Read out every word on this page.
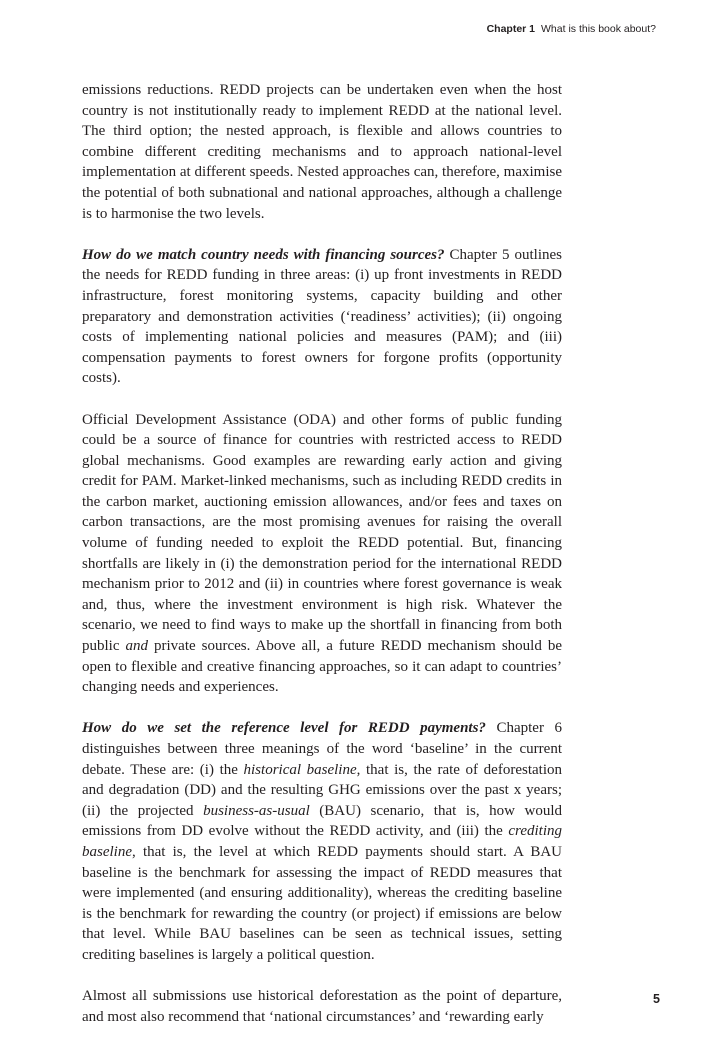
Chapter 1 What is this book about?

emissions reductions. REDD projects can be undertaken even when the host country is not institutionally ready to implement REDD at the national level. The third option; the nested approach, is flexible and allows countries to combine different crediting mechanisms and to approach national-level implementation at different speeds. Nested approaches can, therefore, maximise the potential of both subnational and national approaches, although a challenge is to harmonise the two levels.

How do we match country needs with financing sources? Chapter 5 outlines the needs for REDD funding in three areas: (i) up front investments in REDD infrastructure, forest monitoring systems, capacity building and other preparatory and demonstration activities (‘readiness’ activities); (ii) ongoing costs of implementing national policies and measures (PAM); and (iii) compensation payments to forest owners for forgone profits (opportunity costs).

Official Development Assistance (ODA) and other forms of public funding could be a source of finance for countries with restricted access to REDD global mechanisms. Good examples are rewarding early action and giving credit for PAM. Market-linked mechanisms, such as including REDD credits in the carbon market, auctioning emission allowances, and/or fees and taxes on carbon transactions, are the most promising avenues for raising the overall volume of funding needed to exploit the REDD potential. But, financing shortfalls are likely in (i) the demonstration period for the international REDD mechanism prior to 2012 and (ii) in countries where forest governance is weak and, thus, where the investment environment is high risk. Whatever the scenario, we need to find ways to make up the shortfall in financing from both public and private sources. Above all, a future REDD mechanism should be open to flexible and creative financing approaches, so it can adapt to countries’ changing needs and experiences.

How do we set the reference level for REDD payments? Chapter 6 distinguishes between three meanings of the word ‘baseline’ in the current debate. These are: (i) the historical baseline, that is, the rate of deforestation and degradation (DD) and the resulting GHG emissions over the past x years; (ii) the projected business-as-usual (BAU) scenario, that is, how would emissions from DD evolve without the REDD activity, and (iii) the crediting baseline, that is, the level at which REDD payments should start. A BAU baseline is the benchmark for assessing the impact of REDD measures that were implemented (and ensuring additionality), whereas the crediting baseline is the benchmark for rewarding the country (or project) if emissions are below that level. While BAU baselines can be seen as technical issues, setting crediting baselines is largely a political question.

Almost all submissions use historical deforestation as the point of departure, and most also recommend that ‘national circumstances’ and ‘rewarding early

5
